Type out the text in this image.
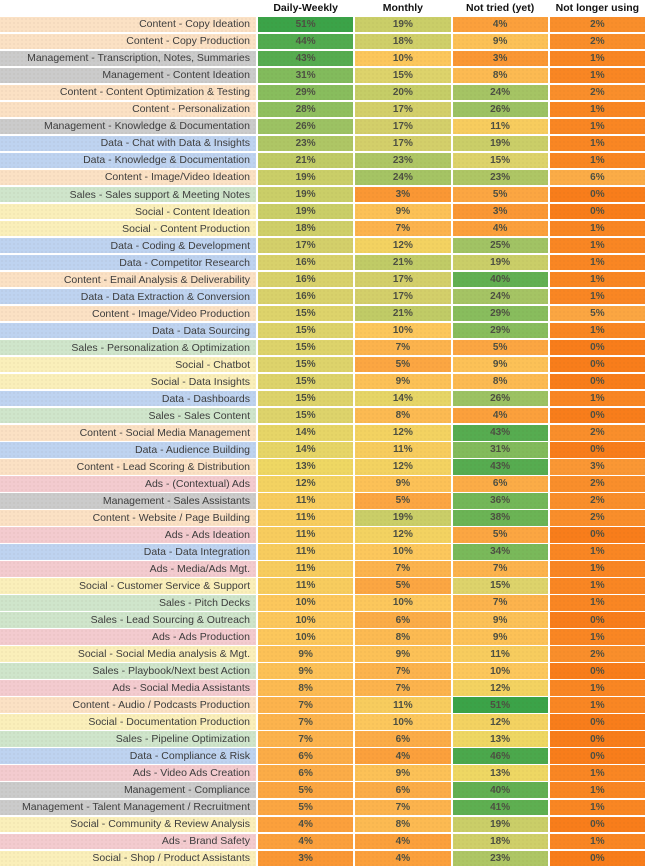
Daily-Weekly	Monthly	Not tried (yet)	Not longer using
Content - Copy Ideation	51%	19%	4%	2%
Content - Copy Production	44%	18%	9%	2%
Management - Transcription, Notes, Summaries	43%	10%	3%	1%
Management - Content Ideation	31%	15%	8%	1%
Content - Content Optimization & Testing	29%	20%	24%	2%
Content - Personalization	28%	17%	26%	1%
Management - Knowledge & Documentation	26%	17%	11%	1%
Data - Chat with Data & Insights	23%	17%	19%	1%
Data - Knowledge & Documentation	21%	23%	15%	1%
Content - Image/Video Ideation	19%	24%	23%	6%
Sales - Sales support & Meeting Notes	19%	3%	5%	0%
Social - Content Ideation	19%	9%	3%	0%
Social - Content Production	18%	7%	4%	1%
Data - Coding & Development	17%	12%	25%	1%
Data - Competitor Research	16%	21%	19%	1%
Content - Email Analysis & Deliverability	16%	17%	40%	1%
Data - Data Extraction & Conversion	16%	17%	24%	1%
Content - Image/Video Production	15%	21%	29%	5%
Data - Data Sourcing	15%	10%	29%	1%
Sales - Personalization & Optimization	15%	7%	5%	0%
Social - Chatbot	15%	5%	9%	0%
Social - Data Insights	15%	9%	8%	0%
Data - Dashboards	15%	14%	26%	1%
Sales - Sales Content	15%	8%	4%	0%
Content - Social Media Management	14%	12%	43%	2%
Data - Audience Building	14%	11%	31%	0%
Content - Lead Scoring & Distribution	13%	12%	43%	3%
Ads - (Contextual) Ads	12%	9%	6%	2%
Management - Sales Assistants	11%	5%	36%	2%
Content - Website / Page Building	11%	19%	38%	2%
Ads - Ads Ideation	11%	12%	5%	0%
Data - Data Integration	11%	10%	34%	1%
Ads - Media/Ads Mgt.	11%	7%	7%	1%
Social - Customer Service & Support	11%	5%	15%	1%
Sales - Pitch Decks	10%	10%	7%	1%
Sales - Lead Sourcing & Outreach	10%	6%	9%	0%
Ads - Ads Production	10%	8%	9%	1%
Social - Social Media analysis & Mgt.	9%	9%	11%	2%
Sales - Playbook/Next best Action	9%	7%	10%	0%
Ads - Social Media Assistants	8%	7%	12%	1%
Content - Audio / Podcasts Production	7%	11%	51%	1%
Social - Documentation Production	7%	10%	12%	0%
Sales - Pipeline Optimization	7%	6%	13%	0%
Data - Compliance & Risk	6%	4%	46%	0%
Ads - Video Ads Creation	6%	9%	13%	1%
Management - Compliance	5%	6%	40%	1%
Management - Talent Management / Recruitment	5%	7%	41%	1%
Social - Community & Review Analysis	4%	8%	19%	0%
Ads - Brand Safety	4%	4%	18%	1%
Social - Shop / Product Assistants	3%	4%	23%	0%
